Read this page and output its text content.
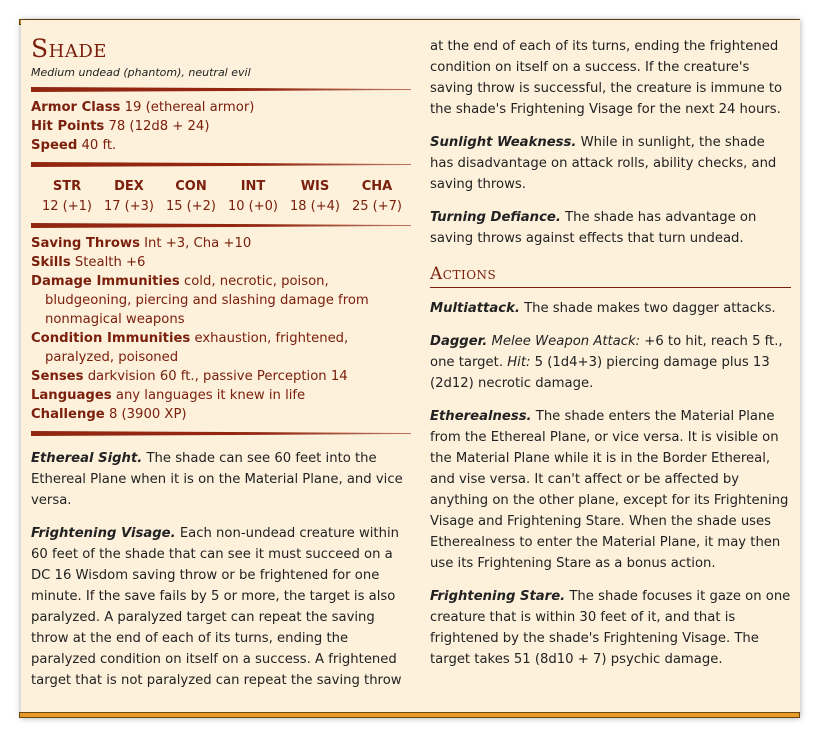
Shade
Medium undead (phantom), neutral evil
Armor Class 19 (ethereal armor)
Hit Points 78 (12d8 + 24)
Speed 40 ft.
STR
12 (+1)
DEX
17 (+3)
CON
15 (+2)
INT
10 (+0)
WIS
18 (+4)
CHA
25 (+7)
Saving Throws Int +3, Cha +10
Skills Stealth +6
Damage Immunities cold, necrotic, poison, bludgeoning, piercing and slashing damage from nonmagical weapons
Condition Immunities exhaustion, frightened, paralyzed, poisoned
Senses darkvision 60 ft., passive Perception 14
Languages any languages it knew in life
Challenge 8 (3900 XP)

Ethereal Sight. The shade can see 60 feet into the Ethereal Plane when it is on the Material Plane, and vice versa.

Frightening Visage. Each non-undead creature within 60 feet of the shade that can see it must succeed on a DC 16 Wisdom saving throw or be frightened for one minute. If the save fails by 5 or more, the target is also paralyzed. A paralyzed target can repeat the saving throw at the end of each of its turns, ending the paralyzed condition on itself on a success. A frightened target that is not paralyzed can repeat the saving throw

at the end of each of its turns, ending the frightened condition on itself on a success. If the creature's saving throw is successful, the creature is immune to the shade's Frightening Visage for the next 24 hours.

Sunlight Weakness. While in sunlight, the shade has disadvantage on attack rolls, ability checks, and saving throws.

Turning Defiance. The shade has advantage on saving throws against effects that turn undead.

Actions

Multiattack. The shade makes two dagger attacks.

Dagger. Melee Weapon Attack: +6 to hit, reach 5 ft., one target. Hit: 5 (1d4+3) piercing damage plus 13 (2d12) necrotic damage.

Etherealness. The shade enters the Material Plane from the Ethereal Plane, or vice versa. It is visible on the Material Plane while it is in the Border Ethereal, and vise versa. It can't affect or be affected by anything on the other plane, except for its Frightening Visage and Frightening Stare. When the shade uses Etherealness to enter the Material Plane, it may then use its Frightening Stare as a bonus action.

Frightening Stare. The shade focuses it gaze on one creature that is within 30 feet of it, and that is frightened by the shade's Frightening Visage. The target takes 51 (8d10 + 7) psychic damage.
